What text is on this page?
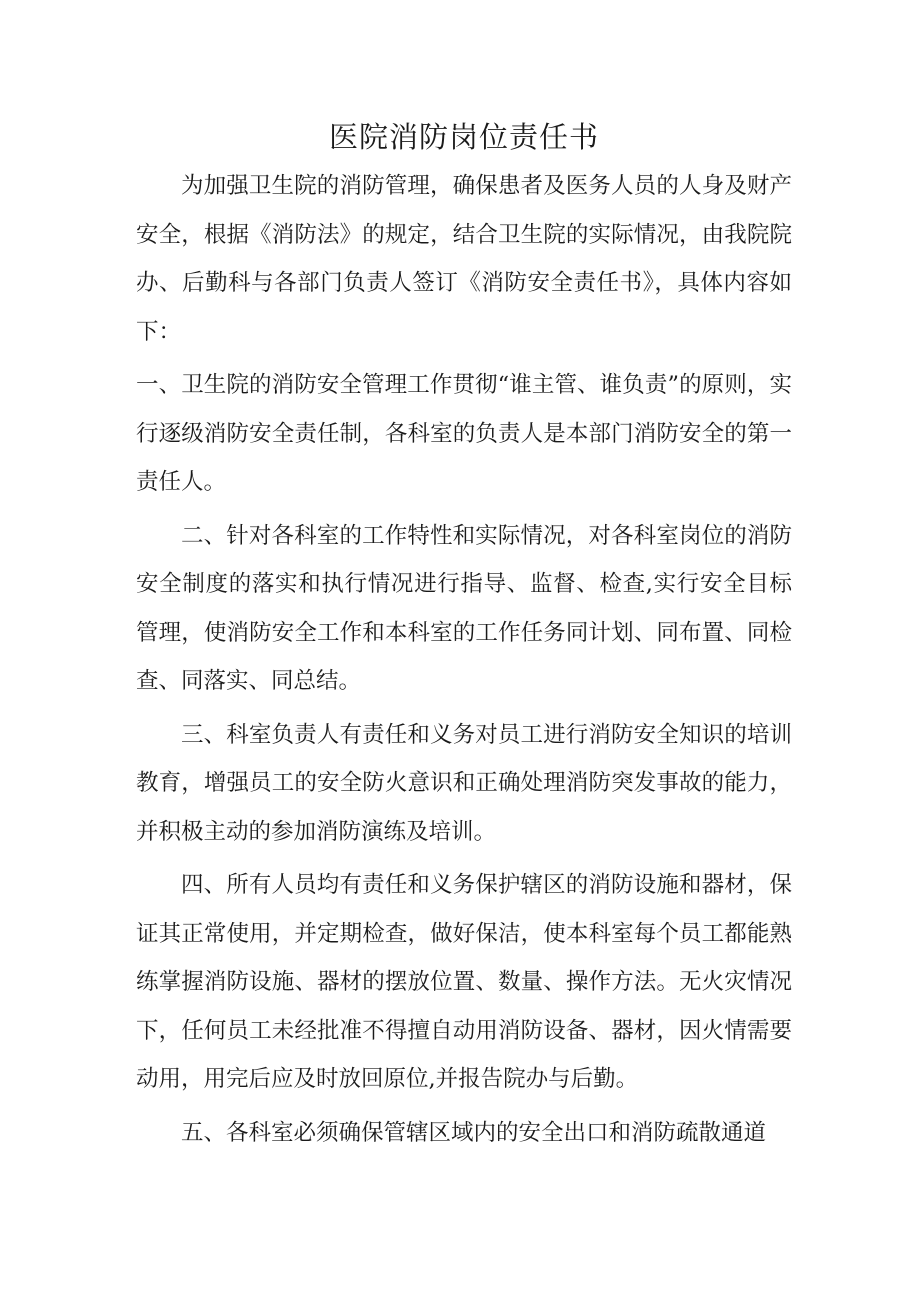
医院消防岗位责任书

为加强卫生院的消防管理，确保患者及医务人员的人身及财产安全，根据《消防法》的规定，结合卫生院的实际情况，由我院院办、后勤科与各部门负责人签订《消防安全责任书》，具体内容如下：

一、卫生院的消防安全管理工作贯彻“谁主管、谁负责”的原则，实行逐级消防安全责任制，各科室的负责人是本部门消防安全的第一责任人。

二、针对各科室的工作特性和实际情况，对各科室岗位的消防安全制度的落实和执行情况进行指导、监督、检查,实行安全目标管理，使消防安全工作和本科室的工作任务同计划、同布置、同检查、同落实、同总结。

三、科室负责人有责任和义务对员工进行消防安全知识的培训教育，增强员工的安全防火意识和正确处理消防突发事故的能力，并积极主动的参加消防演练及培训。

四、所有人员均有责任和义务保护辖区的消防设施和器材，保证其正常使用，并定期检查，做好保洁，使本科室每个员工都能熟练掌握消防设施、器材的摆放位置、数量、操作方法。无火灾情况下，任何员工未经批准不得擅自动用消防设备、器材，因火情需要动用，用完后应及时放回原位,并报告院办与后勤。

五、各科室必须确保管辖区域内的安全出口和消防疏散通道
